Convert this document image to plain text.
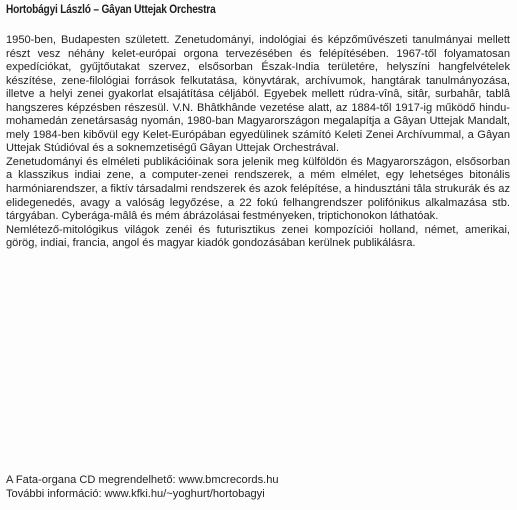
Hortobágyi László – Gâyan Uttejak Orchestra

1950-ben, Budapesten született. Zenetudományi, indológiai és képzőművészeti tanulmányai mellett részt vesz néhány kelet-európai orgona tervezésében és felépítésében. 1967-től folyamatosan expedíciókat, gyűjtőutakat szervez, elsősorban Észak-India területére, helyszíni hangfelvételek készítése, zene-filológiai források felkutatása, könyvtárak, archívumok, hangtárak tanulmányozása, illetve a helyi zenei gyakorlat elsajátítása céljából. Egyebek mellett rúdra-vînâ, sitâr, surbahâr, tablâ hangszeres képzésben részesül. V.N. Bhâtkhânde vezetése alatt, az 1884-től 1917-ig működő hindu-mohamedán zenetársaság nyomán, 1980-ban Magyarországon megalapítja a Gâyan Uttejak Mandalt, mely 1984-ben kibővül egy Kelet-Európában egyedülinek számító Keleti Zenei Archívummal, a Gâyan Uttejak Stúdióval és a soknemzetiségű Gâyan Uttejak Orchestrával.

Zenetudományi és elméleti publikációinak sora jelenik meg külföldön és Magyarországon, elsősorban a klasszikus indiai zene, a computer-zenei rendszerek, a mém elmélet, egy lehetséges bitonális harmóniarendszer, a fiktív társadalmi rendszerek és azok felépítése, a hindusztáni tâla strukurák és az elidegenedés, avagy a valóság legyőzése, a 22 fokú felhangrendszer polifónikus alkalmazása stb. tárgyában. Cyberága-mâlâ és mém ábrázolásai festményeken, triptichonokon láthatóak.

Nemlétező-mitológikus világok zenéi és futurisztikus zenei kompozíciói holland, német, amerikai, görög, indiai, francia, angol és magyar kiadók gondozásában kerülnek publikálásra.

A Fata-organa CD megrendelhető: www.bmcrecords.hu

További információ: www.kfki.hu/~yoghurt/hortobagyi
